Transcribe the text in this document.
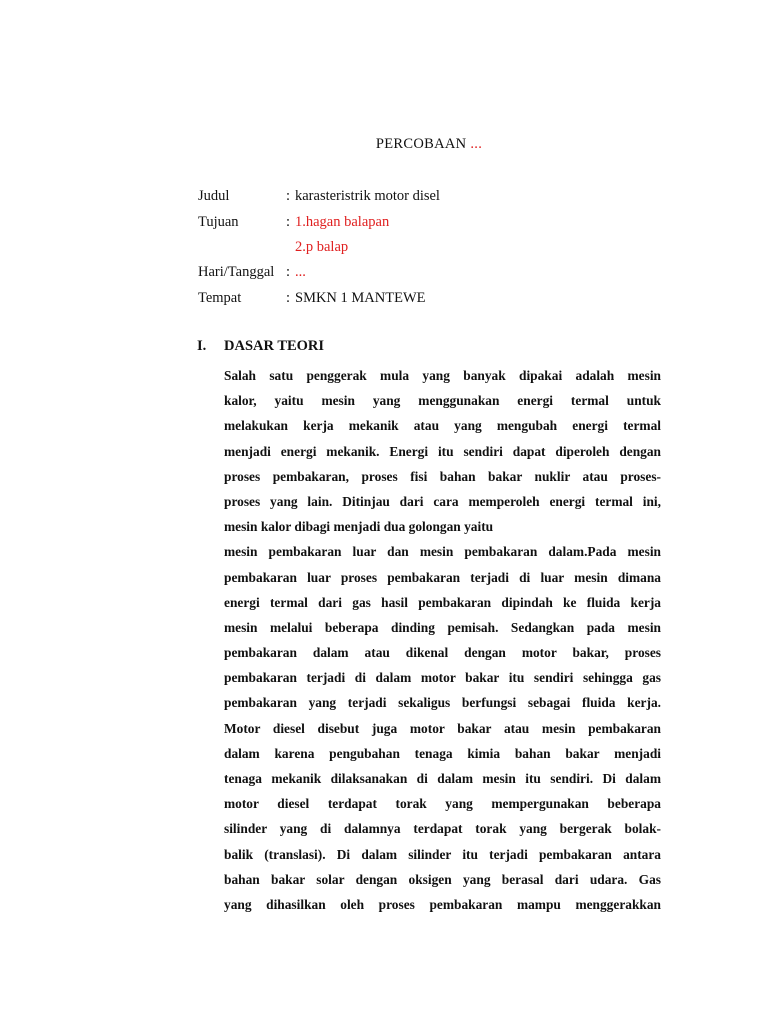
PERCOBAAN ...
Judul	: karasteristrik motor disel
Tujuan	: 1.hagan balapan
2.p balap
Hari/Tanggal : ...
Tempat	: SMKN 1 MANTEWE
I. DASAR TEORI
Salah satu penggerak mula yang banyak dipakai adalah mesin
kalor, yaitu mesin yang menggunakan energi termal untuk
melakukan kerja mekanik atau yang mengubah energi termal
menjadi energi mekanik. Energi itu sendiri dapat diperoleh dengan
proses pembakaran, proses fisi bahan bakar nuklir atau proses-
proses yang lain. Ditinjau dari cara memperoleh energi termal ini,
mesin kalor dibagi menjadi dua golongan yaitu
mesin pembakaran luar dan mesin pembakaran dalam.Pada mesin
pembakaran luar proses pembakaran terjadi di luar mesin dimana
energi termal dari gas hasil pembakaran dipindah ke fluida kerja
mesin melalui beberapa dinding pemisah. Sedangkan pada mesin
pembakaran dalam atau dikenal dengan motor bakar, proses
pembakaran terjadi di dalam motor bakar itu sendiri sehingga gas
pembakaran yang terjadi sekaligus berfungsi sebagai fluida kerja.
Motor diesel disebut juga motor bakar atau mesin pembakaran
dalam karena pengubahan tenaga kimia bahan bakar menjadi
tenaga mekanik dilaksanakan di dalam mesin itu sendiri. Di dalam
motor diesel terdapat torak yang mempergunakan beberapa
silinder yang di dalamnya terdapat torak yang bergerak bolak-
balik (translasi). Di dalam silinder itu terjadi pembakaran antara
bahan bakar solar dengan oksigen yang berasal dari udara. Gas
yang dihasilkan oleh proses pembakaran mampu menggerakkan
